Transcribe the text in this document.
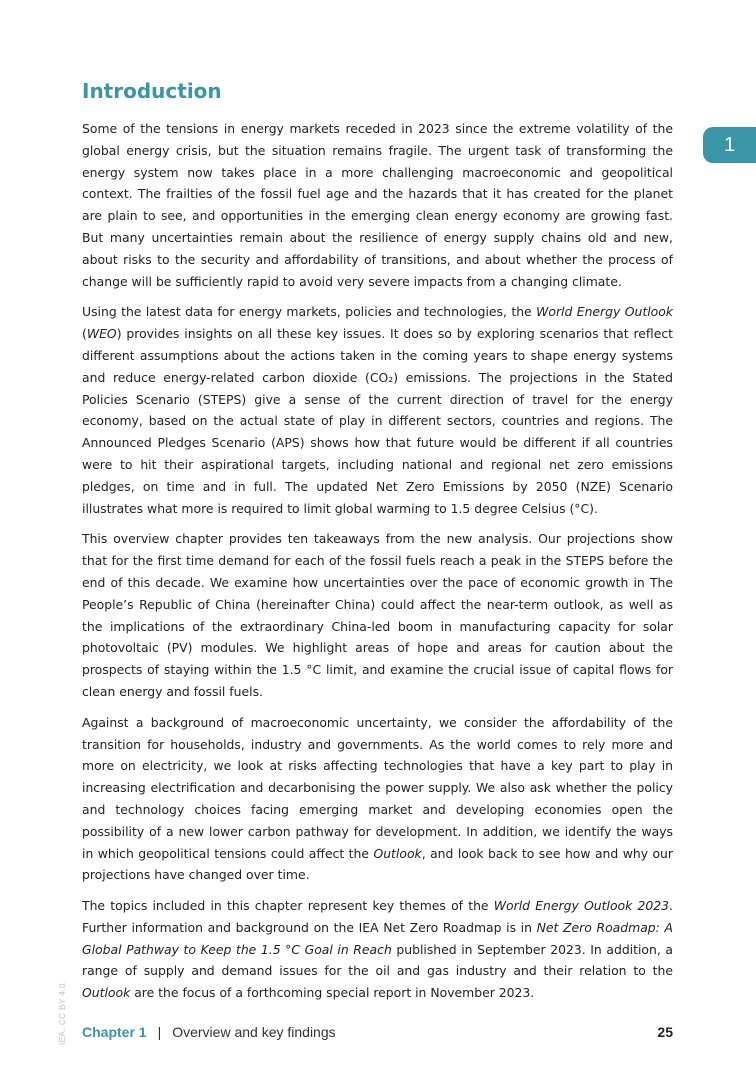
Introduction
1

Some of the tensions in energy markets receded in 2023 since the extreme volatility of the global energy crisis, but the situation remains fragile. The urgent task of transforming the energy system now takes place in a more challenging macroeconomic and geopolitical context. The frailties of the fossil fuel age and the hazards that it has created for the planet are plain to see, and opportunities in the emerging clean energy economy are growing fast. But many uncertainties remain about the resilience of energy supply chains old and new, about risks to the security and affordability of transitions, and about whether the process of change will be sufficiently rapid to avoid very severe impacts from a changing climate.

Using the latest data for energy markets, policies and technologies, the World Energy Outlook (WEO) provides insights on all these key issues. It does so by exploring scenarios that reflect different assumptions about the actions taken in the coming years to shape energy systems and reduce energy-related carbon dioxide (CO₂) emissions. The projections in the Stated Policies Scenario (STEPS) give a sense of the current direction of travel for the energy economy, based on the actual state of play in different sectors, countries and regions. The Announced Pledges Scenario (APS) shows how that future would be different if all countries were to hit their aspirational targets, including national and regional net zero emissions pledges, on time and in full. The updated Net Zero Emissions by 2050 (NZE) Scenario illustrates what more is required to limit global warming to 1.5 degree Celsius (°C).

This overview chapter provides ten takeaways from the new analysis. Our projections show that for the first time demand for each of the fossil fuels reach a peak in the STEPS before the end of this decade. We examine how uncertainties over the pace of economic growth in The People’s Republic of China (hereinafter China) could affect the near-term outlook, as well as the implications of the extraordinary China-led boom in manufacturing capacity for solar photovoltaic (PV) modules. We highlight areas of hope and areas for caution about the prospects of staying within the 1.5 °C limit, and examine the crucial issue of capital flows for clean energy and fossil fuels.

Against a background of macroeconomic uncertainty, we consider the affordability of the transition for households, industry and governments. As the world comes to rely more and more on electricity, we look at risks affecting technologies that have a key part to play in increasing electrification and decarbonising the power supply. We also ask whether the policy and technology choices facing emerging market and developing economies open the possibility of a new lower carbon pathway for development. In addition, we identify the ways in which geopolitical tensions could affect the Outlook, and look back to see how and why our projections have changed over time.

The topics included in this chapter represent key themes of the World Energy Outlook 2023. Further information and background on the IEA Net Zero Roadmap is in Net Zero Roadmap: A Global Pathway to Keep the 1.5 °C Goal in Reach published in September 2023. In addition, a range of supply and demand issues for the oil and gas industry and their relation to the Outlook are the focus of a forthcoming special report in November 2023.

IEA. CC BY 4.0. Chapter 1 | Overview and key findings	25
